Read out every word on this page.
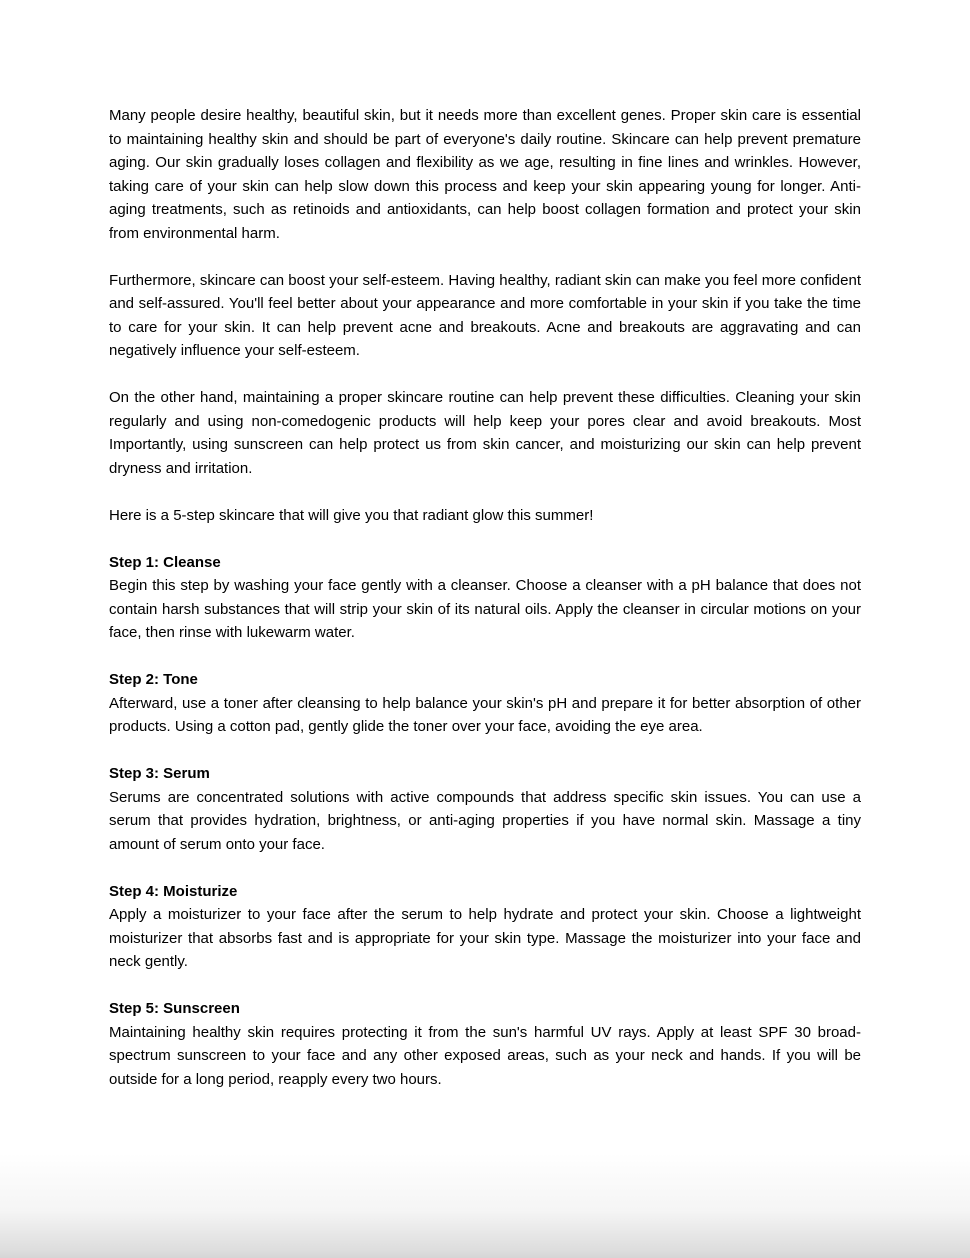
Many people desire healthy, beautiful skin, but it needs more than excellent genes. Proper skin care is essential to maintaining healthy skin and should be part of everyone's daily routine. Skincare can help prevent premature aging. Our skin gradually loses collagen and flexibility as we age, resulting in fine lines and wrinkles. However, taking care of your skin can help slow down this process and keep your skin appearing young for longer. Anti-aging treatments, such as retinoids and antioxidants, can help boost collagen formation and protect your skin from environmental harm.

Furthermore, skincare can boost your self-esteem. Having healthy, radiant skin can make you feel more confident and self-assured. You'll feel better about your appearance and more comfortable in your skin if you take the time to care for your skin. It can help prevent acne and breakouts. Acne and breakouts are aggravating and can negatively influence your self-esteem.

On the other hand, maintaining a proper skincare routine can help prevent these difficulties. Cleaning your skin regularly and using non-comedogenic products will help keep your pores clear and avoid breakouts. Most Importantly, using sunscreen can help protect us from skin cancer, and moisturizing our skin can help prevent dryness and irritation.

Here is a 5-step skincare that will give you that radiant glow this summer!

Step 1: Cleanse
Begin this step by washing your face gently with a cleanser. Choose a cleanser with a pH balance that does not contain harsh substances that will strip your skin of its natural oils. Apply the cleanser in circular motions on your face, then rinse with lukewarm water.
Step 2: Tone
Afterward, use a toner after cleansing to help balance your skin's pH and prepare it for better absorption of other products. Using a cotton pad, gently glide the toner over your face, avoiding the eye area.
Step 3: Serum
Serums are concentrated solutions with active compounds that address specific skin issues. You can use a serum that provides hydration, brightness, or anti-aging properties if you have normal skin. Massage a tiny amount of serum onto your face.
Step 4: Moisturize
Apply a moisturizer to your face after the serum to help hydrate and protect your skin. Choose a lightweight moisturizer that absorbs fast and is appropriate for your skin type. Massage the moisturizer into your face and neck gently.
Step 5: Sunscreen
Maintaining healthy skin requires protecting it from the sun's harmful UV rays. Apply at least SPF 30 broad-spectrum sunscreen to your face and any other exposed areas, such as your neck and hands. If you will be outside for a long period, reapply every two hours.
